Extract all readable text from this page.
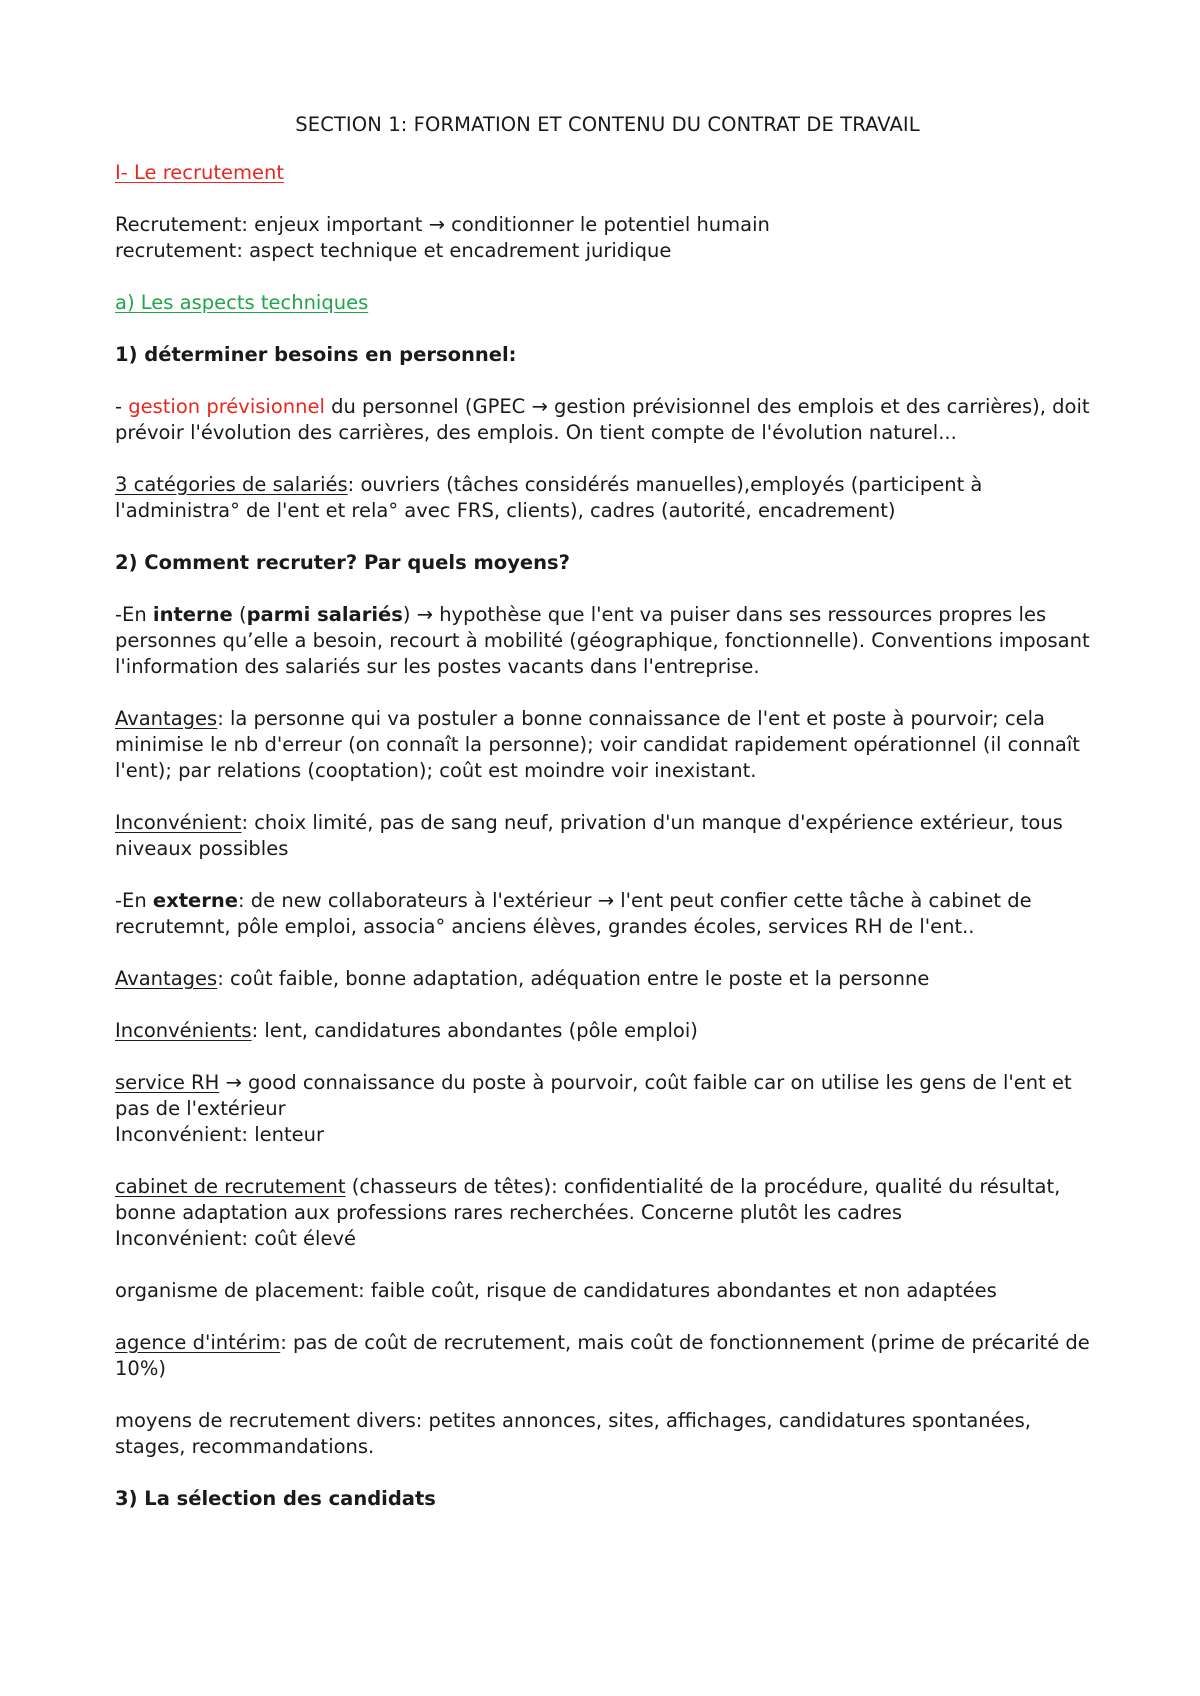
SECTION 1: FORMATION ET CONTENU DU CONTRAT DE TRAVAIL

I- Le recrutement

Recrutement: enjeux important → conditionner le potentiel humain
recrutement: aspect technique et encadrement juridique

a) Les aspects techniques

1) déterminer besoins en personnel:

- gestion prévisionnel du personnel (GPEC → gestion prévisionnel des emplois et des carrières), doit prévoir l'évolution des carrières, des emplois. On tient compte de l'évolution naturel...

3 catégories de salariés: ouvriers (tâches considérés manuelles),employés (participent à l'administra° de l'ent et rela° avec FRS, clients), cadres (autorité, encadrement)

2) Comment recruter? Par quels moyens?

-En interne (parmi salariés) → hypothèse que l'ent va puiser dans ses ressources propres les personnes qu’elle a besoin, recourt à mobilité (géographique, fonctionnelle). Conventions imposant l'information des salariés sur les postes vacants dans l'entreprise.

Avantages: la personne qui va postuler a bonne connaissance de l'ent et poste à pourvoir; cela minimise le nb d'erreur (on connaît la personne); voir candidat rapidement opérationnel (il connaît l'ent); par relations (cooptation); coût est moindre voir inexistant.

Inconvénient: choix limité, pas de sang neuf, privation d'un manque d'expérience extérieur, tous niveaux possibles

-En externe: de new collaborateurs à l'extérieur → l'ent peut confier cette tâche à cabinet de recrutemnt, pôle emploi, associa° anciens élèves, grandes écoles, services RH de l'ent..

Avantages: coût faible, bonne adaptation, adéquation entre le poste et la personne

Inconvénients: lent, candidatures abondantes (pôle emploi)

service RH → good connaissance du poste à pourvoir, coût faible car on utilise les gens de l'ent et pas de l'extérieur
Inconvénient: lenteur

cabinet de recrutement (chasseurs de têtes): confidentialité de la procédure, qualité du résultat, bonne adaptation aux professions rares recherchées. Concerne plutôt les cadres
Inconvénient: coût élevé

organisme de placement: faible coût, risque de candidatures abondantes et non adaptées

agence d'intérim: pas de coût de recrutement, mais coût de fonctionnement (prime de précarité de 10%)

moyens de recrutement divers: petites annonces, sites, affichages, candidatures spontanées, stages, recommandations.

3) La sélection des candidats
